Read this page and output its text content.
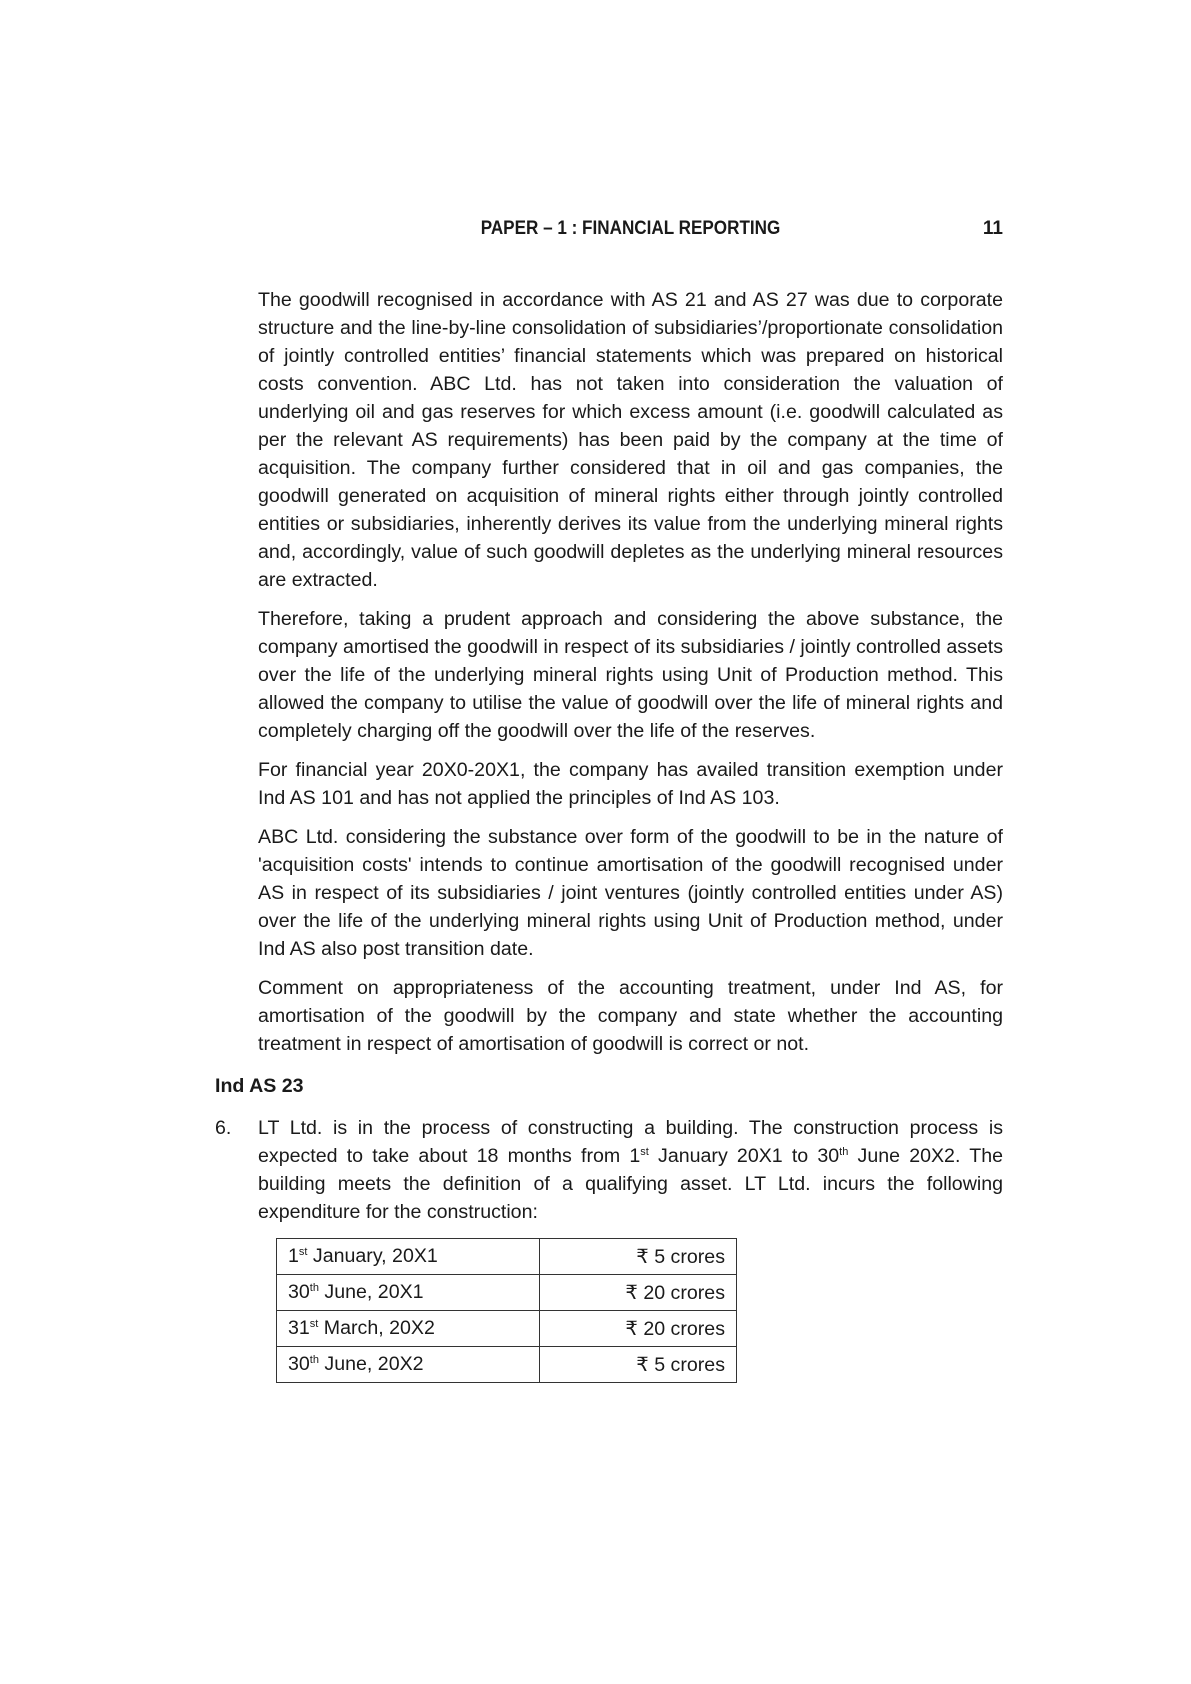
PAPER – 1 : FINANCIAL REPORTING	11

The goodwill recognised in accordance with AS 21 and AS 27 was due to corporate structure and the line-by-line consolidation of subsidiaries’/proportionate consolidation of jointly controlled entities’ financial statements which was prepared on historical costs convention. ABC Ltd. has not taken into consideration the valuation of underlying oil and gas reserves for which excess amount (i.e. goodwill calculated as per the relevant AS requirements) has been paid by the company at the time of acquisition. The company further considered that in oil and gas companies, the goodwill generated on acquisition of mineral rights either through jointly controlled entities or subsidiaries, inherently derives its value from the underlying mineral rights and, accordingly, value of such goodwill depletes as the underlying mineral resources are extracted.

Therefore, taking a prudent approach and considering the above substance, the company amortised the goodwill in respect of its subsidiaries / jointly controlled assets over the life of the underlying mineral rights using Unit of Production method. This allowed the company to utilise the value of goodwill over the life of mineral rights and completely charging off the goodwill over the life of the reserves.

For financial year 20X0-20X1, the company has availed transition exemption under Ind AS 101 and has not applied the principles of Ind AS 103.

ABC Ltd. considering the substance over form of the goodwill to be in the nature of 'acquisition costs' intends to continue amortisation of the goodwill recognised under AS in respect of its subsidiaries / joint ventures (jointly controlled entities under AS) over the life of the underlying mineral rights using Unit of Production method, under Ind AS also post transition date.

Comment on appropriateness of the accounting treatment, under Ind AS, for amortisation of the goodwill by the company and state whether the accounting treatment in respect of amortisation of goodwill is correct or not.

Ind AS 23
6. LT Ltd. is in the process of constructing a building. The construction process is expected to take about 18 months from 1st January 20X1 to 30th June 20X2. The building meets the definition of a qualifying asset. LT Ltd. incurs the following expenditure for the construction:
1st January, 20X1	₹ 5 crores
30th June, 20X1	₹ 20 crores
31st March, 20X2	₹ 20 crores
30th June, 20X2	₹ 5 crores
